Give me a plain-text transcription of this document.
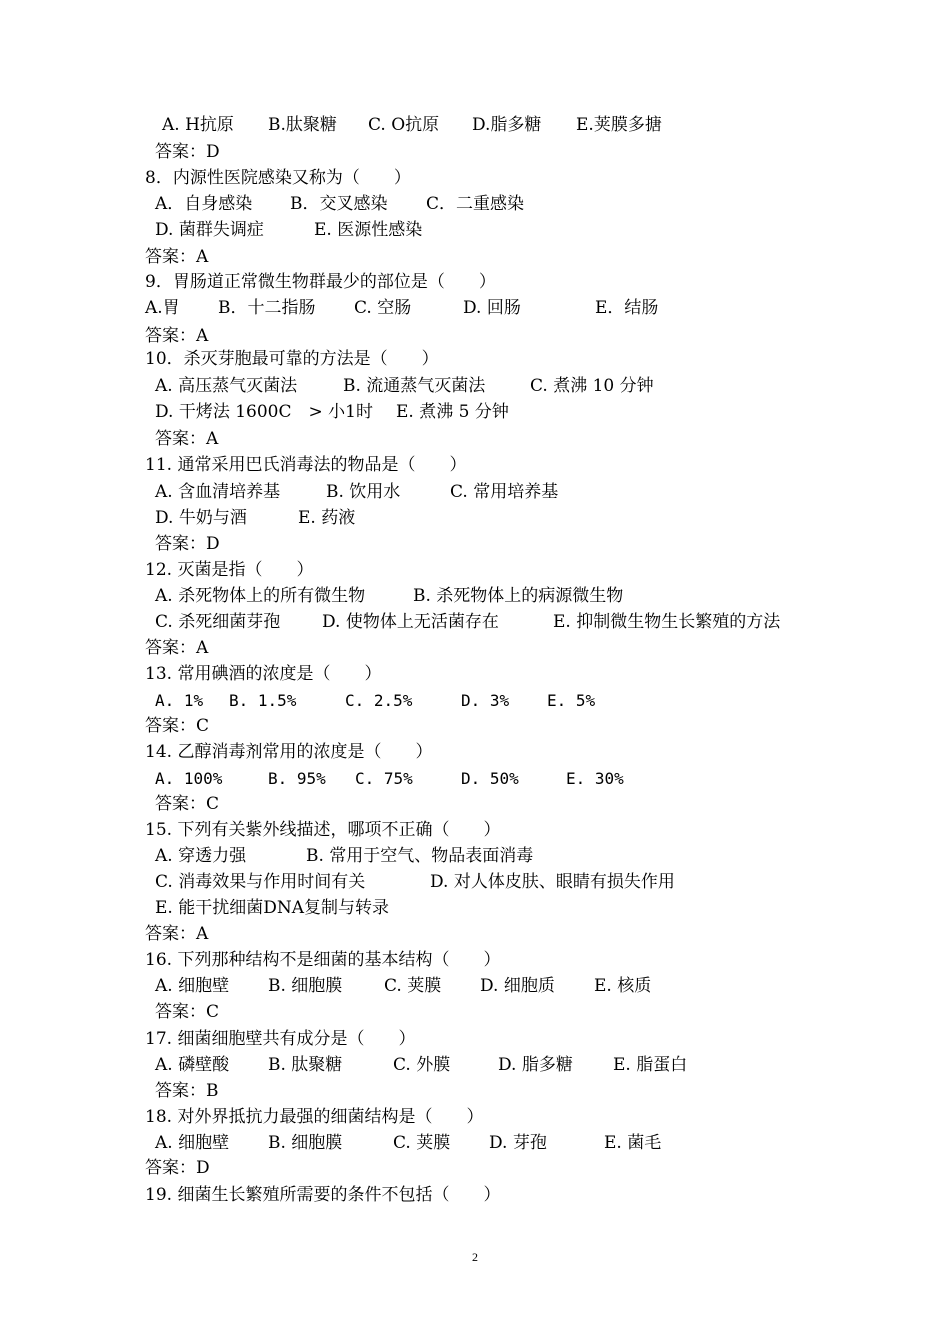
A. H抗原

B.肽聚糖

C. O抗原

D.脂多糖

E.荚膜多搪

答案：D
8．内源性医院感染又称为（　　）

A．自身感染

B．交叉感染

C．二重感染

D. 菌群失调症

	E. 医源性感染

答案：A
9．胃肠道正常微生物群最少的部位是（　　）

A.胃

B．十二指肠

C. 空肠

	D. 回肠

	E．结肠

答案：A
10．杀灭芽胞最可靠的方法是（　　）

A. 高压蒸气灭菌法

	B. 流通蒸气灭菌法

	C. 煮沸 10 分钟

D. 干烤法 1600C　> 小1时

E. 煮沸 5 分钟

答案：A
11. 通常采用巴氏消毒法的物品是（　　）

A. 含血清培养基

	B. 饮用水

	C. 常用培养基

D. 牛奶与酒

	E. 药液

答案：D
12. 灭菌是指（　　）

A. 杀死物体上的所有微生物

	B. 杀死物体上的病源微生物

C. 杀死细菌芽孢

D. 使物体上无活菌存在

	E. 抑制微生物生长繁殖的方法

答案：A
13. 常用碘酒的浓度是（　　）

A. 1%

B. 1.5%

	C. 2.5%

	D. 3%

E. 5%

答案：C
14. 乙醇消毒剂常用的浓度是（　　）

A. 100%

	B. 95%

C. 75%

	D. 50%

	E. 30%

答案：C
15. 下列有关紫外线描述，哪项不正确（　　）

A. 穿透力强

	B. 常用于空气、物品表面消毒

C. 消毒效果与作用时间有关

	D. 对人体皮肤、眼睛有损失作用

E. 能干扰细菌DNA复制与转录

答案：A
16. 下列那种结构不是细菌的基本结构（　　）

A. 细胞壁

B. 细胞膜

C. 荚膜

D. 细胞质

E. 核质

答案：C
17. 细菌细胞壁共有成分是（　　）

A. 磷壁酸

B. 肽聚糖

	C. 外膜

	D. 脂多糖

E. 脂蛋白

答案：B
18. 对外界抵抗力最强的细菌结构是（　　）

A. 细胞壁

B. 细胞膜

	C. 荚膜

D. 芽孢

	E. 菌毛

答案：D
19. 细菌生长繁殖所需要的条件不包括（　　）
2
